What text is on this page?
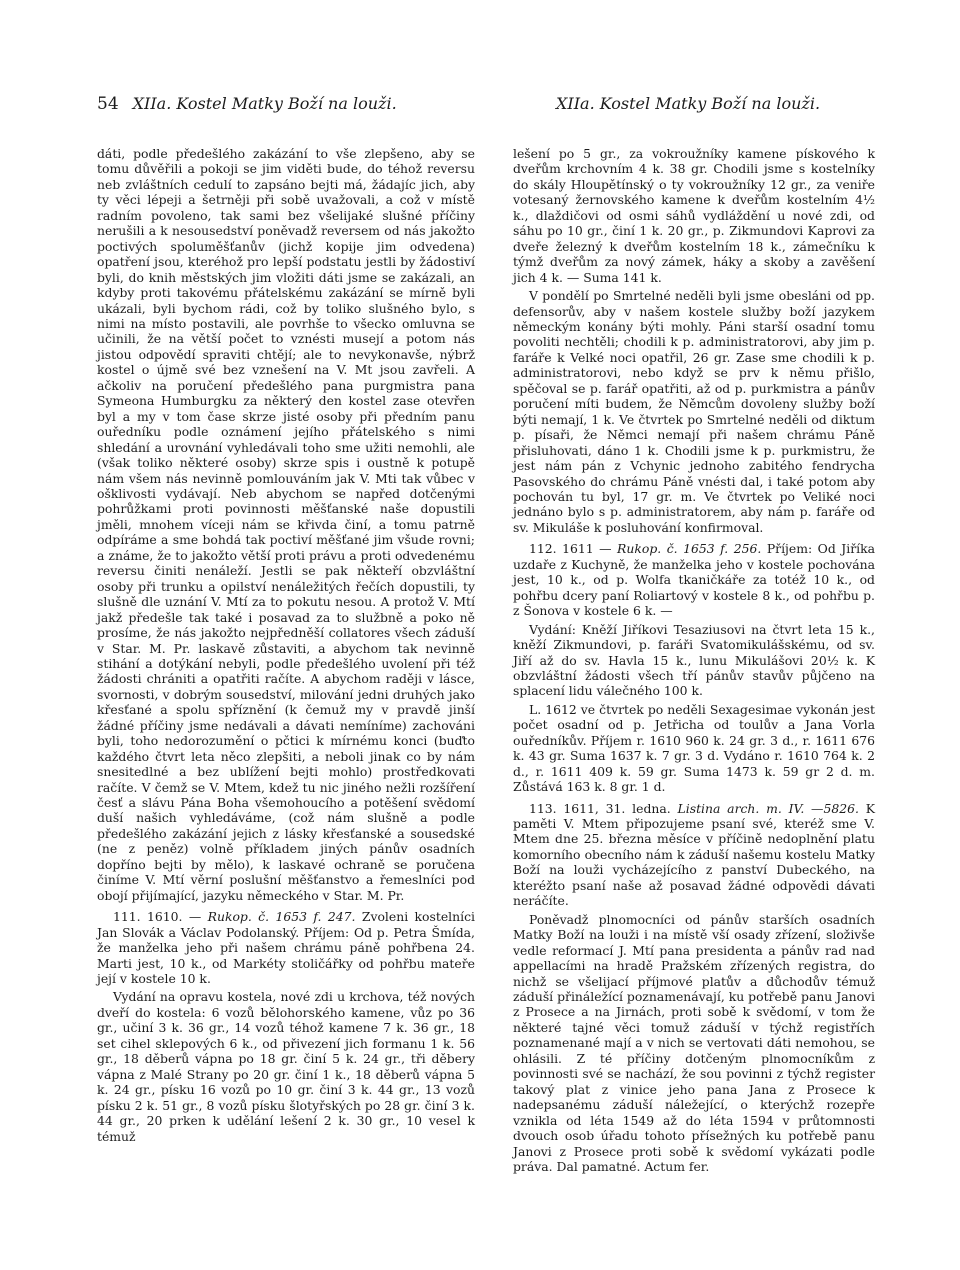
54 XIIa. Kostel Matky Boží na louži.	XIIa. Kostel Matky Boží na louži.

dáti, podle předešlého zakázání to vše zlepšeno, aby se tomu důvěřili a pokoji se jim viděti bude, do téhož reversu neb zvláštních cedulí to zapsáno bejti má, žádajíc jich, aby ty věci lépeji a šetrněji při sobě uvažovali, a což v místě radním povoleno, tak sami bez všelijaké slušné příčiny nerušili a k nesousedství poněvadž reversem od nás jakožto poctivých spoluměšťanův (jichž kopije jim odvedena) opatření jsou, kteréhož pro lepší podstatu jestli by žádostiví byli, do knih městských jim vložiti dáti jsme se zakázali, an kdyby proti takovému přátelskému zakázání se mírně byli ukázali, byli bychom rádi, což by toliko slušného bylo, s nimi na místo postavili, ale povrhše to všecko omluvna se učinili, že na větší počet to vznésti musejí a potom nás jistou odpovědí spraviti chtějí; ale to nevykonavše, nýbrž kostel o újmě své bez vznešení na V. Mt jsou zavřeli. A ačkoliv na poručení předešlého pana purgmistra pana Symeona Humburgku za některý den kostel zase otevřen byl a my v tom čase skrze jisté osoby při předním panu ouředníku podle oznámení jejího přátelského s nimi shledání a urovnání vyhledávali toho sme užiti nemohli, ale (však toliko některé osoby) skrze spis i oustně k potupě nám všem nás nevinně pomlouváním jak V. Mti tak vůbec v ošklivosti vydávají. Neb abychom se napřed dotčenými pohrůžkami proti povinnosti měšťanské naše dopustili jměli, mnohem víceji nám se křivda činí, a tomu patrně odpíráme a sme bohdá tak poctiví měšťané jim všude rovni; a známe, že to jakožto větší proti právu a proti odvedenému reversu činiti nenáleží. Jestli se pak někteří obzvláštní osoby při trunku a opilství nenáležitých řečích dopustili, ty slušně dle uznání V. Mtí za to pokutu nesou. A protož V. Mtí jakž předešle tak také i posavad za to službně a poko ně prosíme, že nás jakožto nejpředněší collatores všech záduší v Star. M. Pr. laskavě zůstaviti, a abychom tak nevinně stihání a dotýkání nebyli, podle předešlého uvolení při též žádosti chrániti a opatřiti račíte. A abychom raději v lásce, svornosti, v dobrým sousedství, milování jedni druhých jako křesťané a spolu spříznění (k čemuž my v pravdě jinší žádné příčiny jsme nedávali a dávati nemíníme) zachováni byli, toho nedorozumění o pčtici k mírnému konci (buďto každého čtvrt leta něco zlepšiti, a neboli jinak co by nám snesitedlné a bez ublížení bejti mohlo) prostředkovati račíte. V čemž se V. Mtem, kdež tu nic jiného nežli rozšíření česť a slávu Pána Boha všemohoucího a potěšení svědomí duší našich vyhledáváme, (což nám slušně a podle předešlého zakázání jejich z lásky křesťanské a sousedské (ne z peněz) volně příkladem jiných pánův osadních dopříno bejti by mělo), k laskavé ochraně se poručena činíme V. Mtí věrní poslušní měšťanstvo a řemeslníci pod obojí přijímající, jazyku německého v Star. M. Pr.

111. 1610. — Rukop. č. 1653 f. 247. Zvoleni kostelníci Jan Slovák a Václav Podolanský. Příjem: Od p. Petra Šmída, že manželka jeho při našem chrámu páně pohřbena 24. Marti jest, 10 k., od Markéty stoličářky od pohřbu mateře její v kostele 10 k.

Vydání na opravu kostela, nové zdi u krchova, též nových dveří do kostela: 6 vozů bělohorského kamene, vůz po 36 gr., učiní 3 k. 36 gr., 14 vozů téhož kamene 7 k. 36 gr., 18 set cihel sklepových 6 k., od přivezení jich formanu 1 k. 56 gr., 18 děberů vápna po 18 gr. činí 5 k. 24 gr., tři děbery vápna z Malé Strany po 20 gr. činí 1 k., 18 děberů vápna 5 k. 24 gr., písku 16 vozů po 10 gr. činí 3 k. 44 gr., 13 vozů písku 2 k. 51 gr., 8 vozů písku šlotyřských po 28 gr. činí 3 k. 44 gr., 20 prken k udělání lešení 2 k. 30 gr., 10 vesel k témuž

lešení po 5 gr., za vokroužníky kamene pískového k dveřům krchovním 4 k. 38 gr. Chodili jsme s kostelníky do skály Hloupětínský o ty vokroužníky 12 gr., za veniře votesaný žernovského kamene k dveřům kostelním 4½ k., dlaždičovi od osmi sáhů vydláždění u nové zdi, od sáhu po 10 gr., činí 1 k. 20 gr., p. Zikmundovi Kaprovi za dveře železný k dveřům kostelním 18 k., zámečníku k týmž dveřům za nový zámek, háky a skoby a zavěšení jich 4 k. — Suma 141 k.

V pondělí po Smrtelné neděli byli jsme obesláni od pp. defensorův, aby v našem kostele služby boží jazykem německým konány býti mohly. Páni starší osadní tomu povoliti nechtěli; chodili k p. administratorovi, aby jim p. faráře k Velké noci opatřil, 26 gr. Zase sme chodili k p. administratorovi, nebo když se prv k němu přišlo, spěčoval se p. farář opatřiti, až od p. purkmistra a pánův poručení míti budem, že Němcům dovoleny služby boží býti nemají, 1 k. Ve čtvrtek po Smrtelné neděli od diktum p. písaři, že Němci nemají při našem chrámu Páně přisluhovati, dáno 1 k. Chodili jsme k p. purkmistru, že jest nám pán z Vchynic jednoho zabitého fendrycha Pasovského do chrámu Páně vnésti dal, i také potom aby pochován tu byl, 17 gr. m. Ve čtvrtek po Veliké noci jednáno bylo s p. administratorem, aby nám p. faráře od sv. Mikuláše k posluhování konfirmoval.

112. 1611 — Rukop. č. 1653 f. 256. Příjem: Od Jiříka uzdaře z Kuchyně, že manželka jeho v kostele pochována jest, 10 k., od p. Wolfa tkaničkáře za totéž 10 k., od pohřbu dcery paní Roliartový v kostele 8 k., od pohřbu p. z Šonova v kostele 6 k. —

Vydání: Kněží Jiříkovi Tesaziusovi na čtvrt leta 15 k., kněží Zikmundovi, p. faráři Svatomikulášskému, od sv. Jiří až do sv. Havla 15 k., lunu Mikulášovi 20½ k. K obzvláštní žádosti všech tří pánův stavův půjčeno na splacení lidu válečného 100 k.

L. 1612 ve čtvrtek po neděli Sexagesimae vykonán jest počet osadní od p. Jetřicha od toulův a Jana Vorla ouředníkův. Příjem r. 1610 960 k. 24 gr. 3 d., r. 1611 676 k. 43 gr. Suma 1637 k. 7 gr. 3 d. Vydáno r. 1610 764 k. 2 d., r. 1611 409 k. 59 gr. Suma 1473 k. 59 gr 2 d. m. Zůstává 163 k. 8 gr. 1 d.

113. 1611, 31. ledna. Listina arch. m. IV. —5826. K paměti V. Mtem připozujeme psaní své, kteréž sme V. Mtem dne 25. března měsíce v příčině nedoplnění platu komorního obecního nám k záduší našemu kostelu Matky Boží na louži vycházejícího z panství Dubeckého, na kteréžto psaní naše až posavad žádné odpovědi dávati neráčíte.

Poněvadž plnomocníci od pánův starších osadních Matky Boží na louži i na místě vší osady zřízení, složivše vedle reformací J. Mtí pana presidenta a pánův rad nad appellacími na hradě Pražském zřízených registra, do nichž se všelijací příjmové platův a důchodův témuž záduší přináležící poznamenávají, ku potřebě panu Janovi z Prosece a na Jirnách, proti sobě k svědomí, v tom že některé tajné věci tomuž záduší v týchž registřích poznamenané mají a v nich se vertovati dáti nemohou, se ohlásili. Z té příčiny dotčeným plnomocníkům z povinnosti své se nachází, že sou povinni z týchž register takový plat z vinice jeho pana Jana z Prosece k nadepsanému záduší náležející, o kterýchž rozepře vznikla od léta 1549 až do léta 1594 v průtomnosti dvouch osob úřadu tohoto přísežných ku potřebě panu Janovi z Prosece proti sobě k svědomí vykázati podle práva. Dal pamatné. Actum fer.
